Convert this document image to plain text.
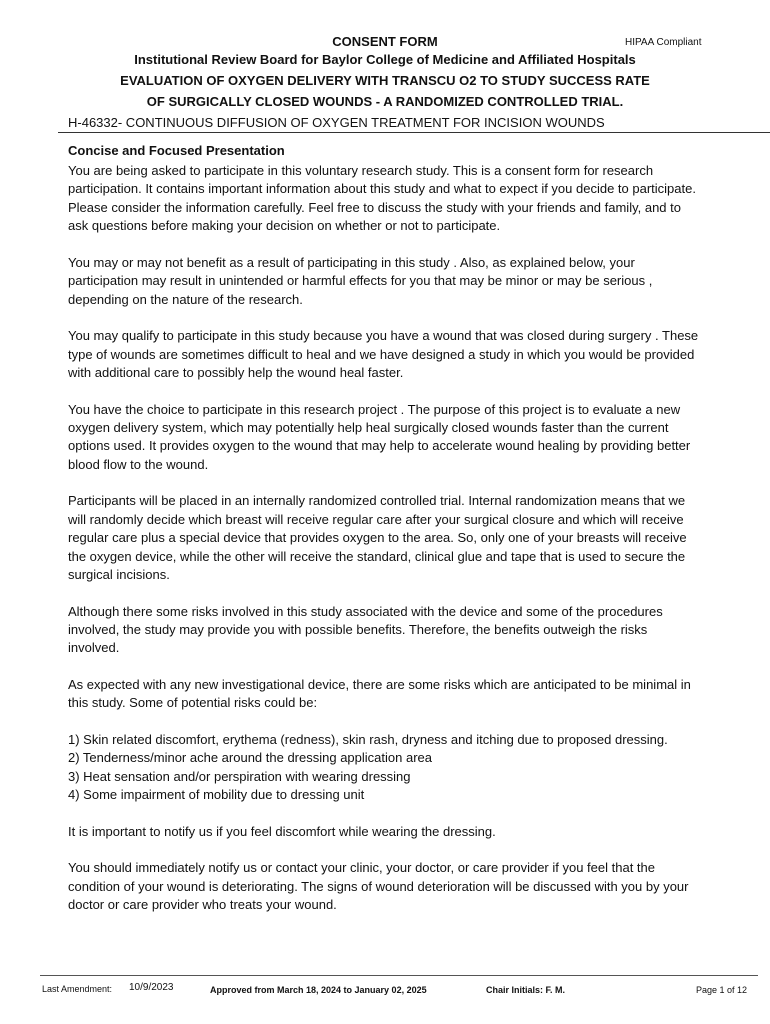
CONSENT FORM	HIPAA Compliant
Institutional Review Board for Baylor College of Medicine and Affiliated Hospitals
EVALUATION OF OXYGEN DELIVERY WITH TRANSCU O2 TO STUDY SUCCESS RATE
OF SURGICALLY CLOSED WOUNDS - A RANDOMIZED CONTROLLED TRIAL.
H-46332- CONTINUOUS DIFFUSION OF OXYGEN TREATMENT FOR INCISION WOUNDS
Concise and Focused Presentation

You are being asked to participate in this voluntary research study. This is a consent form for research participation. It contains important information about this study and what to expect if you decide to participate. Please consider the information carefully. Feel free to discuss the study with your friends and family, and to ask questions before making your decision on whether or not to participate.

You may or may not benefit as a result of participating in this study . Also, as explained below, your participation may result in unintended or harmful effects for you that may be minor or may be serious , depending on the nature of the research.

You may qualify to participate in this study because you have a wound that was closed during surgery . These type of wounds are sometimes difficult to heal and we have designed a study in which you would be provided with additional care to possibly help the wound heal faster.

You have the choice to participate in this research project . The purpose of this project is to evaluate a new oxygen delivery system, which may potentially help heal surgically closed wounds faster than the current options used. It provides oxygen to the wound that may help to accelerate wound healing by providing better blood flow to the wound.

Participants will be placed in an internally randomized controlled trial. Internal randomization means that we will randomly decide which breast will receive regular care after your surgical closure and which will receive regular care plus a special device that provides oxygen to the area. So, only one of your breasts will receive the oxygen device, while the other will receive the standard, clinical glue and tape that is used to secure the surgical incisions.

Although there some risks involved in this study associated with the device and some of the procedures involved, the study may provide you with possible benefits. Therefore, the benefits outweigh the risks involved.

As expected with any new investigational device, there are some risks which are anticipated to be minimal in this study. Some of potential risks could be:

1) Skin related discomfort, erythema (redness), skin rash, dryness and itching due to proposed dressing.
2) Tenderness/minor ache around the dressing application area
3) Heat sensation and/or perspiration with wearing dressing
4) Some impairment of mobility due to dressing unit

It is important to notify us if you feel discomfort while wearing the dressing.

You should immediately notify us or contact your clinic, your doctor, or care provider if you feel that the condition of your wound is deteriorating. The signs of wound deterioration will be discussed with you by your doctor or care provider who treats your wound.

Last Amendment: 10/9/2023	Approved from March 18, 2024 to January 02, 2025	Chair Initials: F. M.	Page 1 of 12
